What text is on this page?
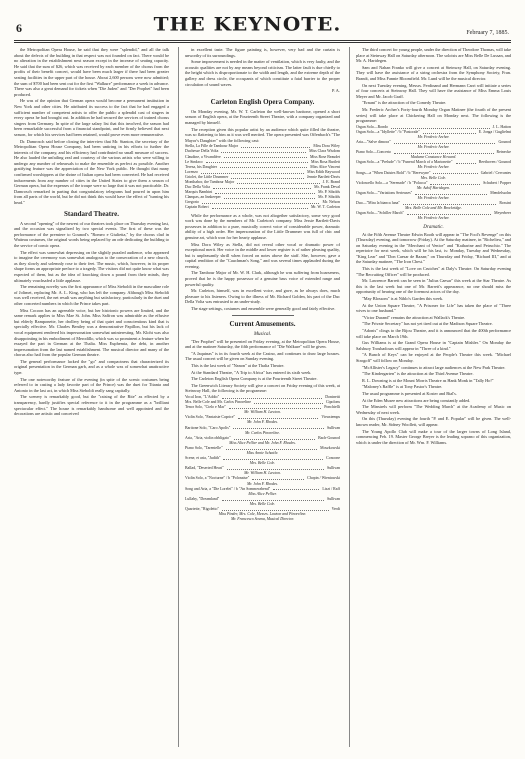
6	THE KEYNOTE.	February 7, 1885.

the Metropolitan Opera House, he said that they were "splendid," and all the talk about the defects of the building in that respect was not founded on fact. There would be no alteration in the establishment next season except in the increase of seating capacity. He said that the sum of $26, which was received by each member of the chorus from the profits of their benefit concert, would have been much larger if there had been greater seating facilities in the upper part of the house. About 2,600 persons were now admitted; the sum of $700 had been sent out for the first "Walkure" performance a week in advance. There was also a great demand for tickets when "Die Juden" and "Der Prophet" had been produced.

He was of the opinion that German opera would become a permanent institution in New York and other cities. He attributed its success to the fact that he had engaged a sufficient number of competent artists to offer the public a splendid cast of singers in every opera he had brought out. In addition he had secured the services of trained chorus singers from Germany. In spite of the large salary list that this involved, the season had been remarkable successful from a financial standpoint, and he firmly believed that next season, for which his services had been retained, would prove even more remunerative.

Dr. Damrosch said before closing the interview that Mr. Stanton, the secretary of the Metropolitan Opera House Company, had been untiring in his efforts to further the interests of the company, and his efficiency had contributed no small measure of success. He also lauded the unfailing zeal and courtesy of the various artists who were willing to undergo any number of rehearsals to make the ensemble as perfect as possible. Another gratifying feature was the appreciation of the New York public. He thought that many confirmed worshippers at the shrine of Italian opera had been converted. He had received inducements from any number of cities in the United States to give them a season of German opera, but the expenses of the troupe were so large that it was not practicable. Dr. Damrosch remarked in parting that congratulatory telegrams had poured in upon him from all parts of the world, but he did not think this would have the effect of "turning his head."

Standard Theatre.

A second "opening" of the newest of our theatres took place on Thursday evening last, and the occasion was signalized by two special events. The first of these was the performance of the premiere to Gounod's "Romeo e Giulietta," by the chorus clad in Watteau costumes, the original words being replaced by an ode dedicating the building to the service of comic opera.

The effect was somewhat depressing on the slightly puzzled audience, who appeared to imagine the ceremony was somewhat analogous to the consecration of a new church, as they slowly and solemnly rose to their feet. The music, which, however, in its proper shape forms an appropriate preface to a tragedy. The visitors did not quite know what was expected of them, but as the idea of knocking down a pound from their minds, they ultimately vouchsafed a little applause.

The remaining novelty was the first appearance of Miss Sieboldi in the masculine role of Jolimet, replacing Mr. A. L. King, who has left the company. Although Miss Sieboldi was well received, the net result was anything but satisfactory, particularly in the duet and other concerted numbers in which the Prince takes part.

Miss Cocoon has an agreeable voice, but her histrionic powers are limited, and the same remark applies to Miss Mae St. John. Miss Saffron was admirable as the effusive but elderly Ramponette, her drollery being of that quiet and conscientious kind that is specially effective. Mr. Charles Bentley was a demonstrative Papillon, but his lack of vocal equipment rendered his impersonation somewhat uninteresting. Mr. Kloht was also disappointing in his embodiment of Merodillo, which was so prominent a feature when he essayed the part in German at the Thalia. Miss Euphemia, the debt, in another impersonation from the last named establishment. The musical director and many of the chorus also hail from the popular German theatre.

The general performance lacked the "go" and compactness that characterized its original presentation in the German garb, and as a whole was of somewhat unattractive type.

The one noteworthy feature of the evening (in spite of the scenic costumes being referred to in casting a lady favorite part of the Prince) was the duet for Titania and Antonio in the last act, in which Miss Sieboldi really sang capitally.

The scenery is remarkably good, but the "raising of the Rite" as effected by a transparency, hardly justifies special reference to it in the programme as a "brilliant spectacular effect." The house is remarkably handsome and well appointed and the decorations are artistic and conceived

in excellent taste. The figure painting is, however, very bad and the curtain is unworthy of its surroundings.

Some improvement is needed in the matter of ventilation, which is very faulty, and the acoustic qualities are not by any means beyond criticism. The latter fault is due chiefly to the height which is disproportionate to the width and length, and the extreme depth of the gallery and dress circle, the occupants of which constitute a fatal barrier to the proper circulation of sound waves.

P. A.
Carleton English Opera Company.

On Monday evening, Mr. W. T. Carleton the well-known baritone, opened a short season of English opera, at the Fourteenth Street Theatre, with a company organized and managed by himself.

The reception given this popular artist by an audience which quite filled the theatre, was so flattering to him as it was well merited. The opera presented was Offenbach's "The Mayor's Daughter" with the following cast:

Stella, La Fille de Tambour Major	Miss Dora Wiley
Duchesse Della Volta	Miss Clara Wisdom
Claudine, a Vivandière	Miss Rose Beaudet
Le Sindaco	Miss Rosa Bartlett
Teresa, his Daughter	Miss Alice Vincent
Lorenzo	Miss Edith Raywood
Griolet, the Little Drummer	Jennie Bartlett-Davis
Monthabor, the Tambour Major	J. E. Brand
Duc Della Volta	Mr. Frank Deval
Marquis Bambini	Mr. P. Sibolds
Clampas, an Innkeeper	Mr. P. Sibolds
Gregorio	Mr. Nelson
Captain Robert	Mr. W. T. Carleton

While the performance as a whole, was not altogether satisfactory, some very good work was done by the members of Mr. Carleton's company. Miss Jessie Bartlett-Davis possesses in addition to a pure, musically correct voice of considerable power, dramatic ability of a high order. Her impersonation of the Little Drummer was full of chic and genuine art, which won for her hearty applause.

Miss Dora Wiley as Stella, did not reveal other vocal or dramatic power of exceptional merit. Her voice in the middle and lower register is of rather pleasing quality, but is unpleasantly shrill when forced on notes above the staff. She, however, gave a capital rendition of the "Cauchman's Song," and was several times applauded during the evening.

The Tambour Major of Mr. W. H. Clark, although he was suffering from hoarseness, proved that he is the happy possessor of a genuine bass voice of extended range and powerful quality.

Mr. Carleton, himself, was in excellent voice, and gave, as he always does, much pleasure to his listeners. Owing to the illness of Mr. Richard Golden, his part of the Duc Della Volta was entrusted to an under-study.

The stage settings, costumes and ensemble were generally good and fairly effective.

Current Amusements.
Musical.

"Der Prophet" will be presented on Friday evening, at the Metropolitan Opera House, and at the matinee Saturday, the fifth performance of "Die Walkure" will be given.

"A Jaquinas" is in its fourth week at the Casino, and continues to draw large houses. The usual concert will be given on Sunday evening.

This is the last week of "Nanon" at the Thalia Theatre.

At the Standard Theatre, "A Trip to Africa" has entered its sixth week.

The Carleton English Opera Company is at the Fourteenth Street Theatre.

The Greenwich Literary Society will give a concert on Friday evening of this week, at Steinway Hall, the following is the programme:

Vocal Iron, "L'Addio"	Doninetti
Mrs. Belle Cole and Mr. Carlos Pinoreline	Cipolons
Tenor Solo, "Cielo e Mar"	Ponchielli
Mr. William H. Lawton.
Violin Solo, "Fantaisie Caprice"	Vieuxtemps
Mr. John F. Rhodes.
Baritone Solo, "Caro Apolis"	Sullivan
Mr. Carlos Pinoreline.
Aria, "Aria, violin obbligato"	Bach-Gounod
Miss Alice Pellier and Mr. John F. Rhodes.
Piano Solo, "Tarentelle"	Moszkowski
Miss Annie Schattle.
Scene, et aria, "Judith"	Concone
Mrs. Belle Cole.
Ballad, "Deserted Heart"	Sullivan
Mr. William H. Lawton.
Violin Solo, a "Nocturne" / b "Polonaise"	Chopin / Wieniawski
Mr. John F. Rhodes.
Song and Aria, a "Die Lorelei" / b "An Sommerabend"	Liszt / Raff
Miss Alice Pellier.
Lullaby, "Dreamland"	Sullivan
Mrs. Belle Cole.
Quartette, "Rigoletto"	Verdi
Miss Pinder, Mrs. Cole, Messrs. Lawton and Pinoreline.
Mr. Francesco Sosma, Musical Director.

The third concert for young people, under the direction of Theodore Thomas, will take place at Steinway Hall on Saturday afternoon. The soloists are Miss Belle De Lussan, and Mr. A. Hartdegen.

Sam and Nahan Franko will give a concert at Steinway Hall, on Saturday evening. They will have the assistance of a string orchestra from the Symphony Society, Fran. Brandt, and Miss Fannie Bloomfield. Mr. Lund will be the musical director.

On next Tuesday evening, Messrs. Ferdinand and Hermann Carri will initiate a series of four concerts at Steinway Hall. They will have the assistance of Miss Emma Louis Meyer and Mr. Jacob Graff.

"Ernani" is the attraction of the Comedy Theatre.

Mr. Frederic Archer's Forty-fourth Monday Organ Matinee (the fourth of the present series) will take place at Chickering Hall on Monday next. The following is the programme:

Organ Solo—Rondo	J. L. Hatton
Organ Solo—a "Idyllette" / b "Pastorale"	E. Jonga / Guglielmi
Mr. Frederic Archer.
Aria—"Salve dimora"	Gounod
Mr. Frederic Archer.
Piano Solo—Concerto	Reinecke
Madame Constance Howard.
Organ Solo—a "Prelude" / b "Funeral March of a Marionette"	Beethoven / Gounod
Mr. Frederic Archer.
Songs—a "When Daisies Bold" / b "Rerewyne"	Gabriel / Cervantes
Mrs. Belle Cole.
Violoncello Solo—a "Serenade" / b "Polacca"	Schubert / Popper
Mr. Adolf Hartdegen.
Organ Solo—"Variations Serieuses"	Mendelssohn
Mr. Frederic Archer.
Duo—"Mira la bianca luna"	Rossini
Mrs. Belle Cole and Mr. Brockridge.
Organ Solo—"Schiller March"	Meyerbeer
Mr. Frederic Archer.
Dramatic.

At the Fifth Avenue Theatre Edwin Booth will appear in "The Fool's Revenge" on this (Thursday) evening, and tomorrow (Friday). At the Saturday matinee, in "Richelieu," and on Saturday evening in the "Merchant of Venice" and "Katharine and Petruchio." The repertoire for next week, which will be his last, is: Monday, Tuesday and Wednesday, "King Lear" and "Don Caesar de Bazan;" on Thursday and Friday, "Richard III," and at the Saturday matinee, "The Iron Chest."

This is the last week of "Love on Crutches" at Daly's Theatre. On Saturday evening "The Recruiting Officer" will be produced.

Mr. Lawrence Barrett can be seen in "Julius Caesar" this week at the Star Theatre. As this is the last week but one of Mr. Barrett's appearance, no one should miss the opportunity of hearing one of the foremost actors of the day.

"May Blossom" is at Niblo's Garden this week.

At the Union Square Theatre, "A Prisoner for Life" has taken the place of "Three wives to one husband."

"Victor Durand" remains the attraction at Wallack's Theatre.

"The Private Secretary" has not yet tired out at the Madison Square Theatre.

"Adonis" clings to the Bijou Theatre, and it is announced that the 400th performance will take place on March 19th.

Gus Williams is at the Grand Opera House in "Captain Mishler." On Monday the Salsbury Troubadours will appear in "Three of a kind."

"A Bunch of Keys" can be enjoyed at the People's Theatre this week. "Michael Strogoff" will follow on Monday.

"McAllister's Legacy" continues to attract large audiences at the New Park Theatre.

"The Kindergarten" is the attraction at the Third Avenue Theatre.

R. L. Downing is at the Mount Morris Theatre as Hank Monk in "Tally Ho!"

"Maloney's Raffle" is at Tony Pastor's Theatre.

The usual programme is presented at Koster and Bial's.

At the Eden Musee new attractions are being constantly added.

The Minstrels will perform "The Wedding March" at the Academy of Music on Wednesday of next week.

On this (Thursday) evening the fourth "P. and E. Popular" will be given. The well-known reader, Mr. Sidney Woollett, will appear.

The Young Apollo Club will make a tour of the larger towns of Long Island, commencing Feb. 19. Master George Breyer is the leading soprano of this organization, which is under the direction of Mr. Wm. F. Williams.
